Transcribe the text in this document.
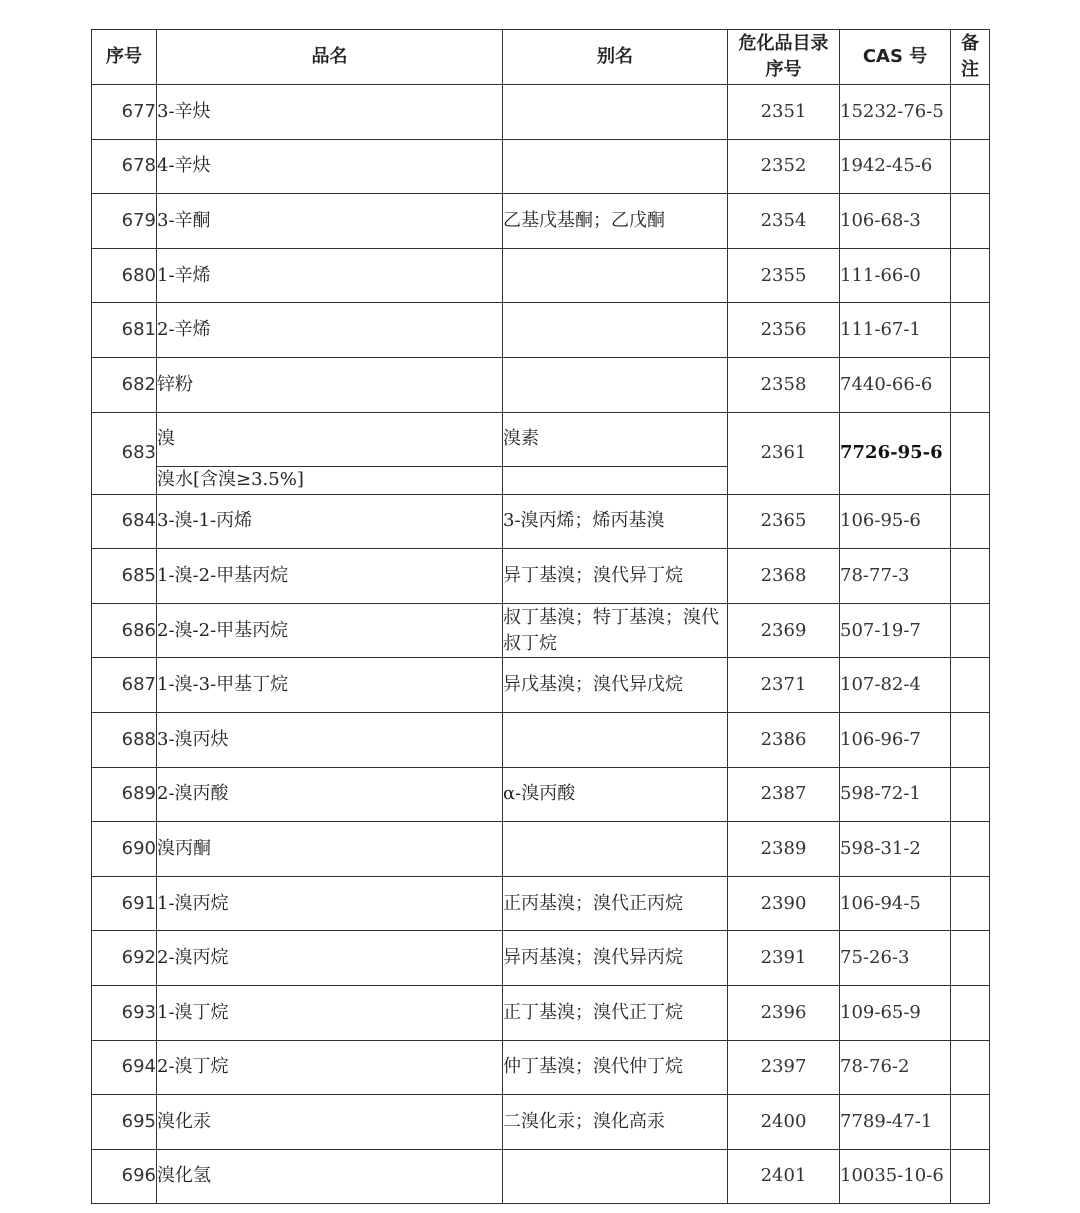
序号	品名	别名	危化品目录序号	CAS 号	备注
677	3-辛炔		2351	15232-76-5	
678	4-辛炔		2352	1942-45-6	
679	3-辛酮	乙基戊基酮；乙戊酮	2354	106-68-3	
680	1-辛烯		2355	111-66-0	
681	2-辛烯		2356	111-67-1	
682	锌粉		2358	7440-66-6	
683	溴	溴素	2361	7726-95-6	
	溴水[含溴≥3.5%]				
684	3-溴-1-丙烯	3-溴丙烯；烯丙基溴	2365	106-95-6	
685	1-溴-2-甲基丙烷	异丁基溴；溴代异丁烷	2368	78-77-3	
686	2-溴-2-甲基丙烷	叔丁基溴；特丁基溴；溴代叔丁烷	2369	507-19-7	
687	1-溴-3-甲基丁烷	异戊基溴；溴代异戊烷	2371	107-82-4	
688	3-溴丙炔		2386	106-96-7	
689	2-溴丙酸	α-溴丙酸	2387	598-72-1	
690	溴丙酮		2389	598-31-2	
691	1-溴丙烷	正丙基溴；溴代正丙烷	2390	106-94-5	
692	2-溴丙烷	异丙基溴；溴代异丙烷	2391	75-26-3	
693	1-溴丁烷	正丁基溴；溴代正丁烷	2396	109-65-9	
694	2-溴丁烷	仲丁基溴；溴代仲丁烷	2397	78-76-2	
695	溴化汞	二溴化汞；溴化高汞	2400	7789-47-1	
696	溴化氢		2401	10035-10-6	
